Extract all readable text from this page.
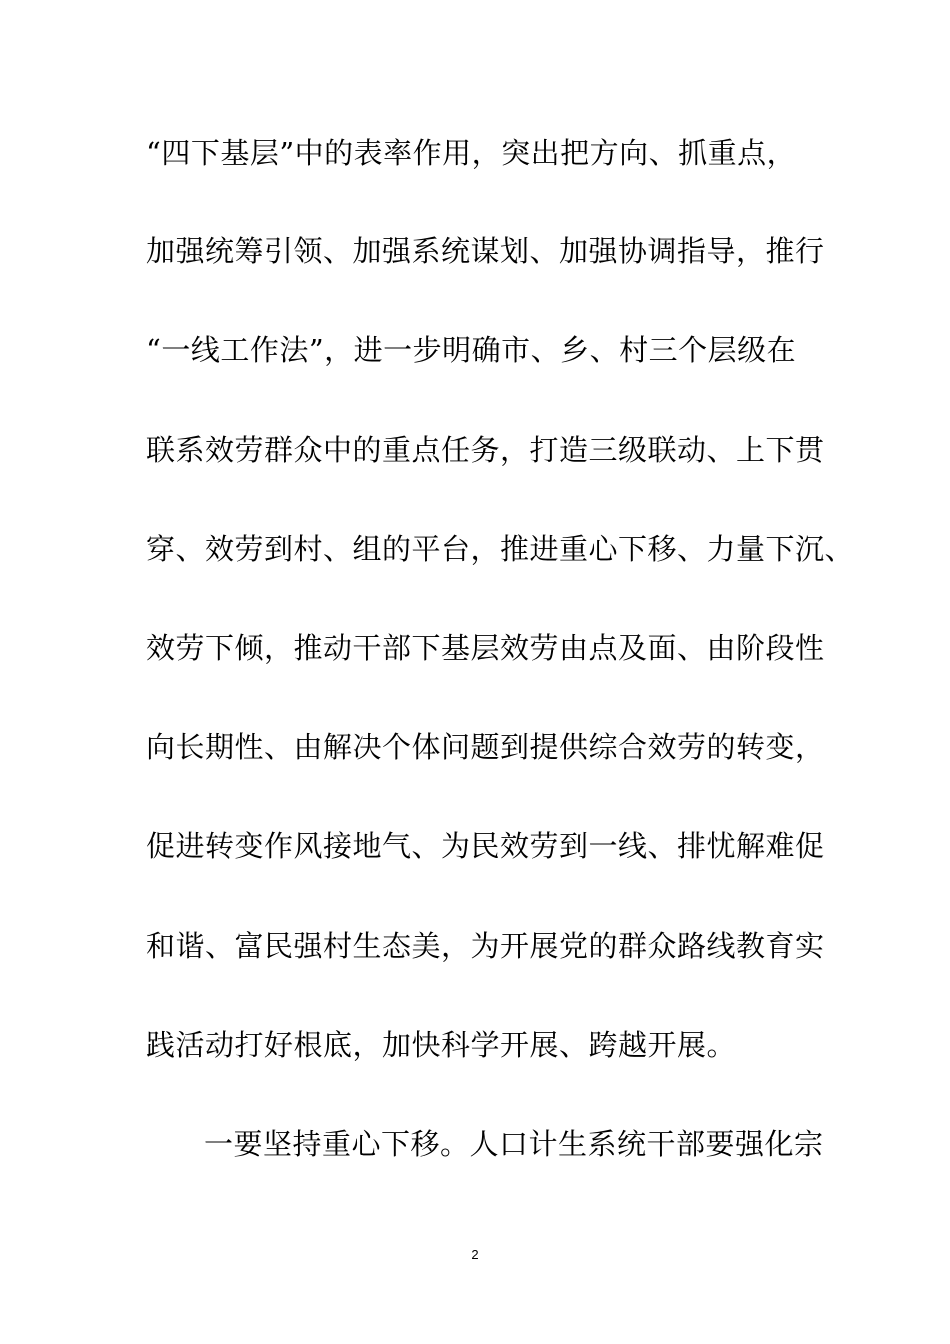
“四下基层”中的表率作用，突出把方向、抓重点，
加强统筹引领、加强系统谋划、加强协调指导，推行
“一线工作法”，进一步明确市、乡、村三个层级在
联系效劳群众中的重点任务，打造三级联动、上下贯
穿、效劳到村、组的平台，推进重心下移、力量下沉、
效劳下倾，推动干部下基层效劳由点及面、由阶段性
向长期性、由解决个体问题到提供综合效劳的转变，
促进转变作风接地气、为民效劳到一线、排忧解难促
和谐、富民强村生态美，为开展党的群众路线教育实
践活动打好根底，加快科学开展、跨越开展。
一要坚持重心下移。人口计生系统干部要强化宗
2
